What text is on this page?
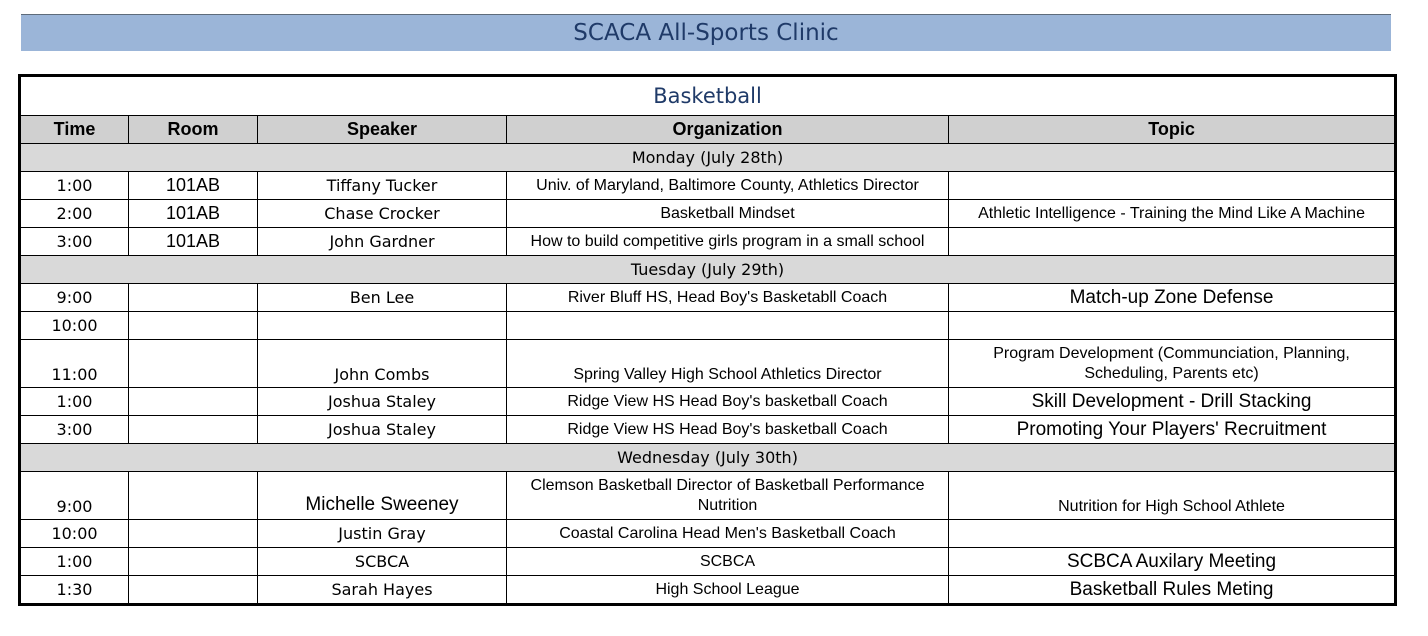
SCACA All-Sports Clinic
Basketball				
Time	Room	Speaker	Organization	Topic
Monday (July 28th)				
1:00	101AB	Tiffany Tucker	Univ. of Maryland, Baltimore County, Athletics Director	
2:00	101AB	Chase Crocker	Basketball Mindset	Athletic Intelligence - Training the Mind Like A Machine
3:00	101AB	John Gardner	How to build competitive girls program in a small school	
Tuesday (July 29th)				
9:00		Ben Lee	River Bluff HS, Head Boy's Basketabll Coach	Match-up Zone Defense
10:00				
11:00		John Combs	Spring Valley High School Athletics Director	Program Development (Communciation, Planning, Scheduling, Parents etc)
1:00		Joshua Staley	Ridge View HS Head Boy's basketball Coach	Skill Development - Drill Stacking
3:00		Joshua Staley	Ridge View HS Head Boy's basketball Coach	Promoting Your Players' Recruitment
Wednesday (July 30th)				
9:00		Michelle Sweeney	Clemson Basketball Director of Basketball Performance Nutrition	Nutrition for High School Athlete
10:00		Justin Gray	Coastal Carolina Head Men's Basketball Coach	
1:00		SCBCA	SCBCA	SCBCA Auxilary Meeting
1:30		Sarah Hayes	High School League	Basketball Rules Meting
